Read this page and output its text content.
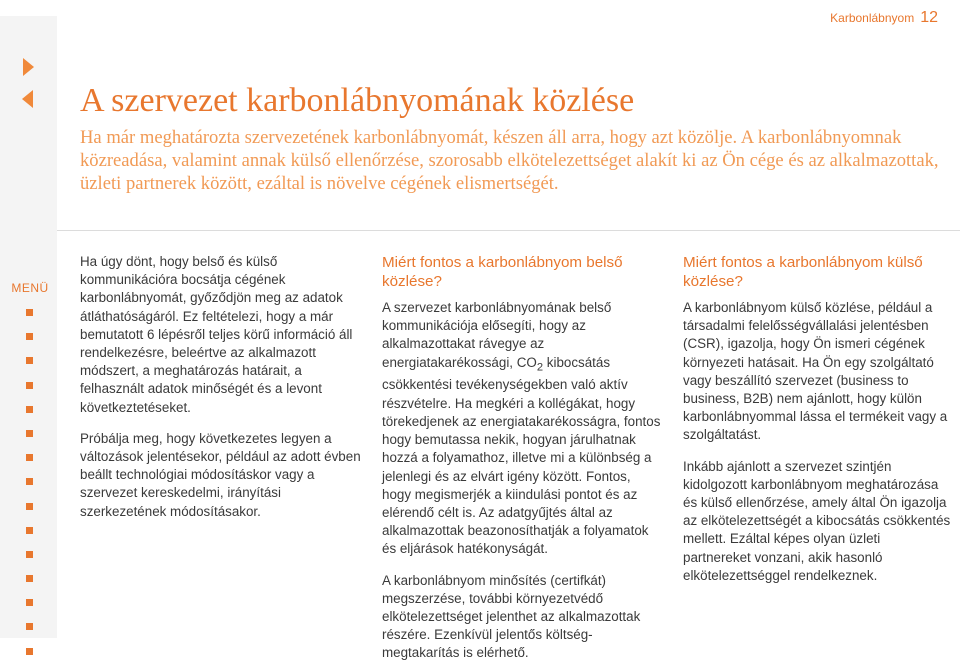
MENÜ
Karbonlábnyom 12
A szervezet karbonlábnyomának közlése

Ha már meghatározta szervezetének karbonlábnyomát, készen áll arra, hogy azt közölje. A karbonlábnyomnak közreadása, valamint annak külső ellenőrzése, szorosabb elkötelezettséget alakít ki az Ön cége és az alkalmazottak, üzleti partnerek között, ezáltal is növelve cégének elismertségét.

Ha úgy dönt, hogy belső és külső kommunikációra bocsátja cégének karbonlábnyomát, győződjön meg az adatok átláthatóságáról. Ez feltételezi, hogy a már bemutatott 6 lépésről teljes körű információ áll rendelkezésre, beleértve az alkalmazott módszert, a meghatározás határait, a felhasznált adatok minőségét és a levont következtetéseket.

Próbálja meg, hogy következetes legyen a változások jelentésekor, például az adott évben beállt technológiai módosításkor vagy a szervezet kereskedelmi, irányítási szerkezetének módosításakor.

Miért fontos a karbonlábnyom belső közlése?

A szervezet karbonlábnyomának belső kommunikációja elősegíti, hogy az alkalmazottakat rávegye az energiatakarékossági, $CO_2$ kibocsátás csökkentési tevékenységekben való aktív részvételre. Ha megkéri a kollégákat, hogy törekedjenek az energiatakarékosságra, fontos hogy bemutassa nekik, hogyan járulhatnak hozzá a folyamathoz, illetve mi a különbség a jelenlegi és az elvárt igény között. Fontos, hogy megismerjék a kiindulási pontot és az elérendő célt is. Az adatgyűjtés által az alkalmazottak beazonosíthatják a folyamatok és eljárások hatékonyságát.

A karbonlábnyom minősítés (certifkát) megszerzése, további környezetvédő elkötelezettséget jelenthet az alkalmazottak részére. Ezenkívül jelentős költség-megtakarítás is elérhető.

Miért fontos a karbonlábnyom külső közlése?

A karbonlábnyom külső közlése, például a társadalmi felelősségvállalási jelentésben (CSR), igazolja, hogy Ön ismeri cégének környezeti hatásait. Ha Ön egy szolgáltató vagy beszállító szervezet (business to business, B2B) nem ajánlott, hogy külön karbonlábnyommal lássa el termékeit vagy a szolgáltatást.

Inkább ajánlott a szervezet szintjén kidolgozott karbonlábnyom meghatározása és külső ellenőrzése, amely által Ön igazolja az elkötelezettségét a kibocsátás csökkentés mellett. Ezáltal képes olyan üzleti partnereket vonzani, akik hasonló elkötelezettséggel rendelkeznek.
